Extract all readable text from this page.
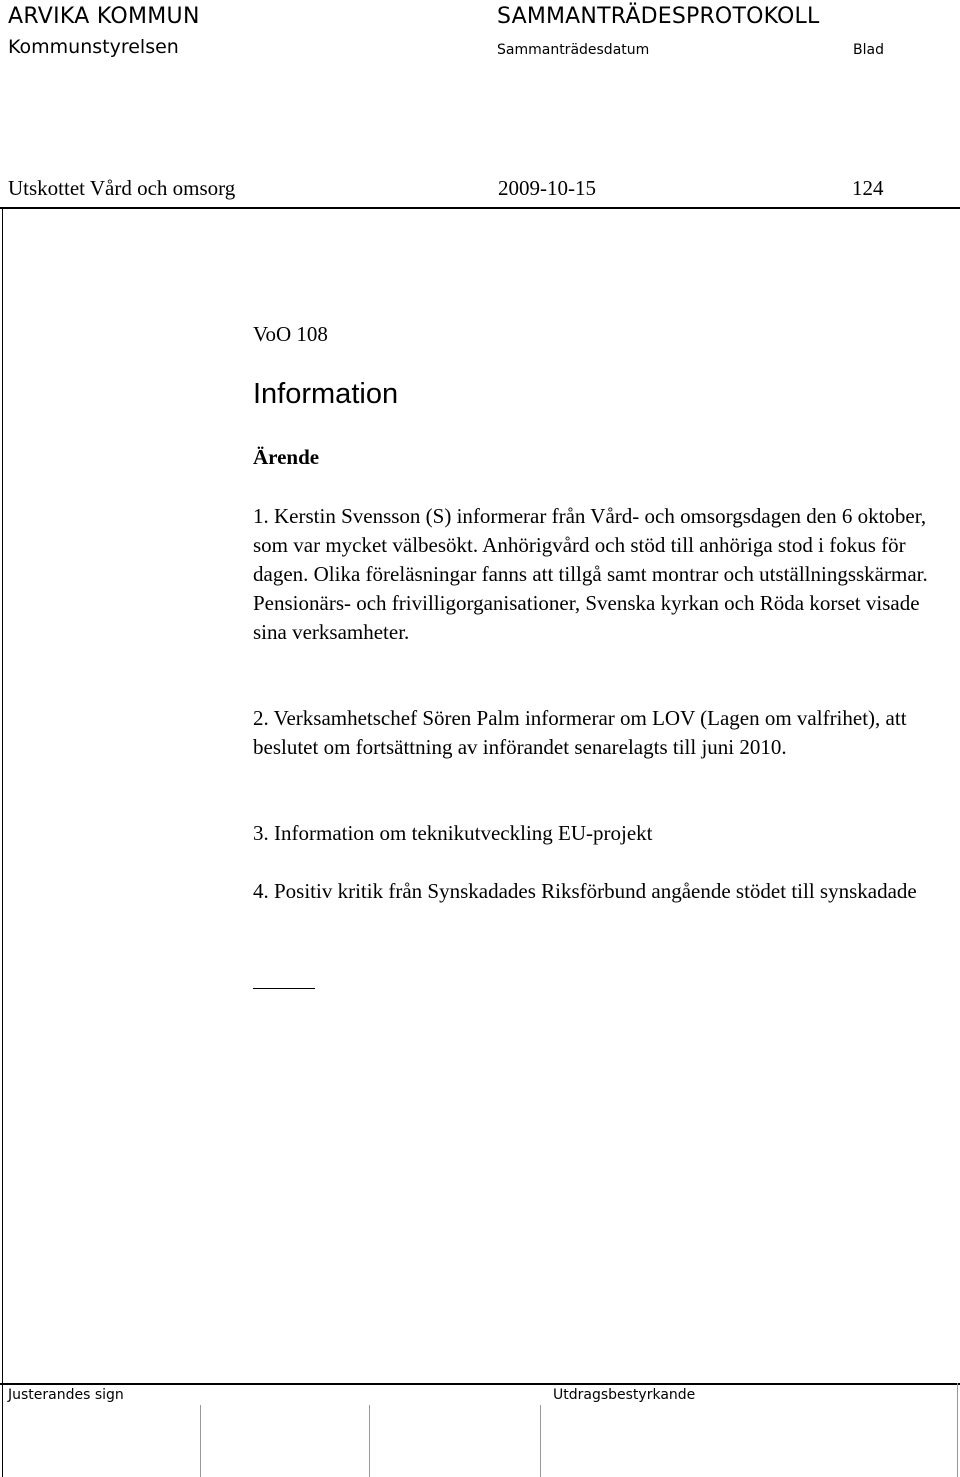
ARVIKA KOMMUN
Kommunstyrelsen
SAMMANTRÄDESPROTOKOLL
Sammanträdesdatum	Blad
Utskottet Vård och omsorg	2009-10-15	124
VoO 108
Information
Ärende

1. Kerstin Svensson (S) informerar från Vård- och omsorgsdagen den 6 oktober, som var mycket välbesökt. Anhörigvård och stöd till anhöriga stod i fokus för dagen. Olika föreläsningar fanns att tillgå samt montrar och utställningsskärmar. Pensionärs- och frivilligorganisationer, Svenska kyrkan och Röda korset visade sina verksamheter.

2. Verksamhetschef Sören Palm informerar om LOV (Lagen om valfrihet), att beslutet om fortsättning av införandet senarelagts till juni 2010.

3. Information om teknikutveckling EU-projekt

4. Positiv kritik från Synskadades Riksförbund angående stödet till synskadade

Justerandes sign	Utdragsbestyrkande
